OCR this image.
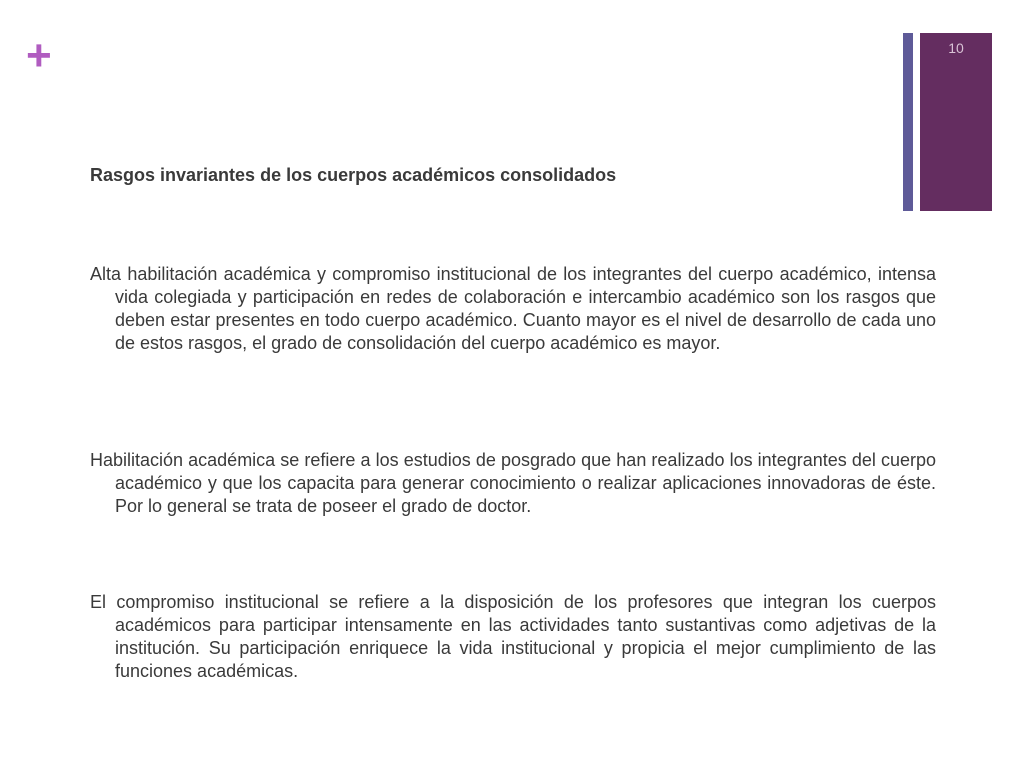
+	10
Rasgos invariantes de los cuerpos académicos consolidados

Alta habilitación académica y compromiso institucional de los integrantes del cuerpo académico, intensa vida colegiada y participación en redes de colaboración e intercambio académico son los rasgos que deben estar presentes en todo cuerpo académico. Cuanto mayor es el nivel de desarrollo de cada uno de estos rasgos, el grado de consolidación del cuerpo académico es mayor.

Habilitación académica se refiere a los estudios de posgrado que han realizado los integrantes del cuerpo académico y que los capacita para generar conocimiento o realizar aplicaciones innovadoras de éste. Por lo general se trata de poseer el grado de doctor.

El compromiso institucional se refiere a la disposición de los profesores que integran los cuerpos académicos para participar intensamente en las actividades tanto sustantivas como adjetivas de la institución. Su participación enriquece la vida institucional y propicia el mejor cumplimiento de las funciones académicas.
